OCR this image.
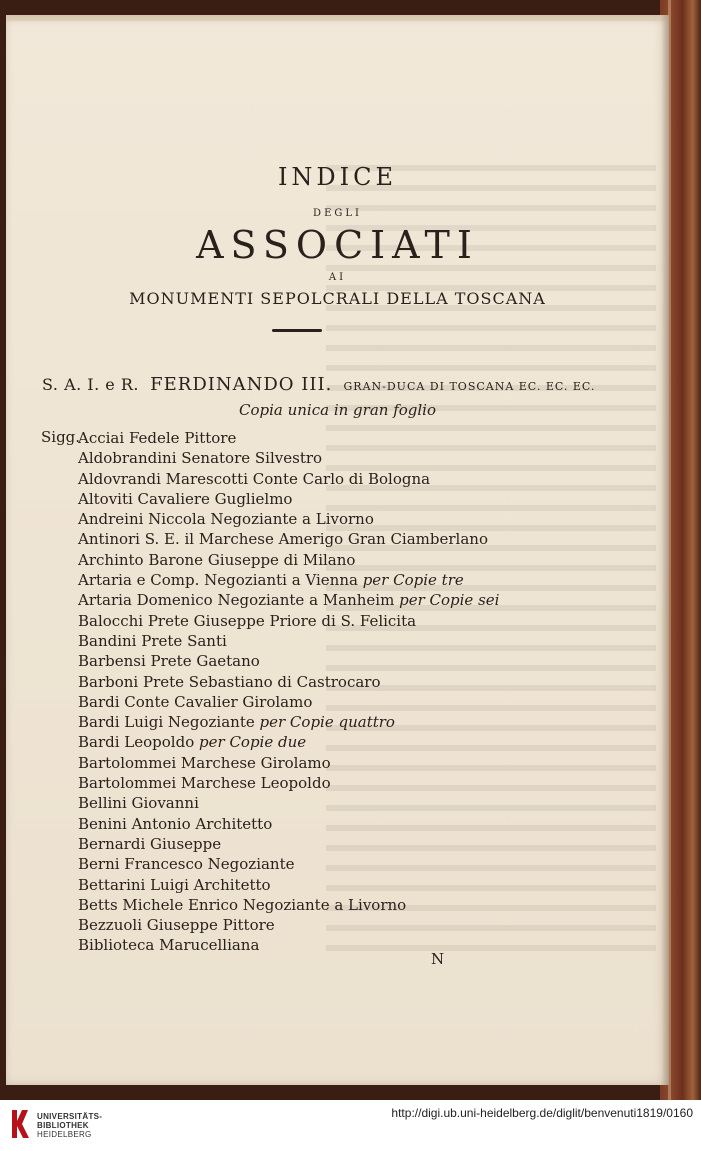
INDICE
DEGLI
ASSOCIATI
AI
MONUMENTI SEPOLCRALI DELLA TOSCANA
S. A. I. e R. FERDINANDO III. GRAN-DUCA DI TOSCANA EC. EC. EC.
Copia unica in gran foglio
Sigg.
Acciai Fedele Pittore
Aldobrandini Senatore Silvestro
Aldovrandi Marescotti Conte Carlo di Bologna
Altoviti Cavaliere Guglielmo
Andreini Niccola Negoziante a Livorno
Antinori S. E. il Marchese Amerigo Gran Ciamberlano
Archinto Barone Giuseppe di Milano
Artaria e Comp. Negozianti a Vienna per Copie tre
Artaria Domenico Negoziante a Manheim per Copie sei
Balocchi Prete Giuseppe Priore di S. Felicita
Bandini Prete Santi
Barbensi Prete Gaetano
Barboni Prete Sebastiano di Castrocaro
Bardi Conte Cavalier Girolamo
Bardi Luigi Negoziante per Copie quattro
Bardi Leopoldo per Copie due
Bartolommei Marchese Girolamo
Bartolommei Marchese Leopoldo
Bellini Giovanni
Benini Antonio Architetto
Bernardi Giuseppe
Berni Francesco Negoziante
Bettarini Luigi Architetto
Betts Michele Enrico Negoziante a Livorno
Bezzuoli Giuseppe Pittore
Biblioteca Marucelliana
N
UNIVERSITÄTS-
BIBLIOTHEK
HEIDELBERG
http://digi.ub.uni-heidelberg.de/diglit/benvenuti1819/0160
